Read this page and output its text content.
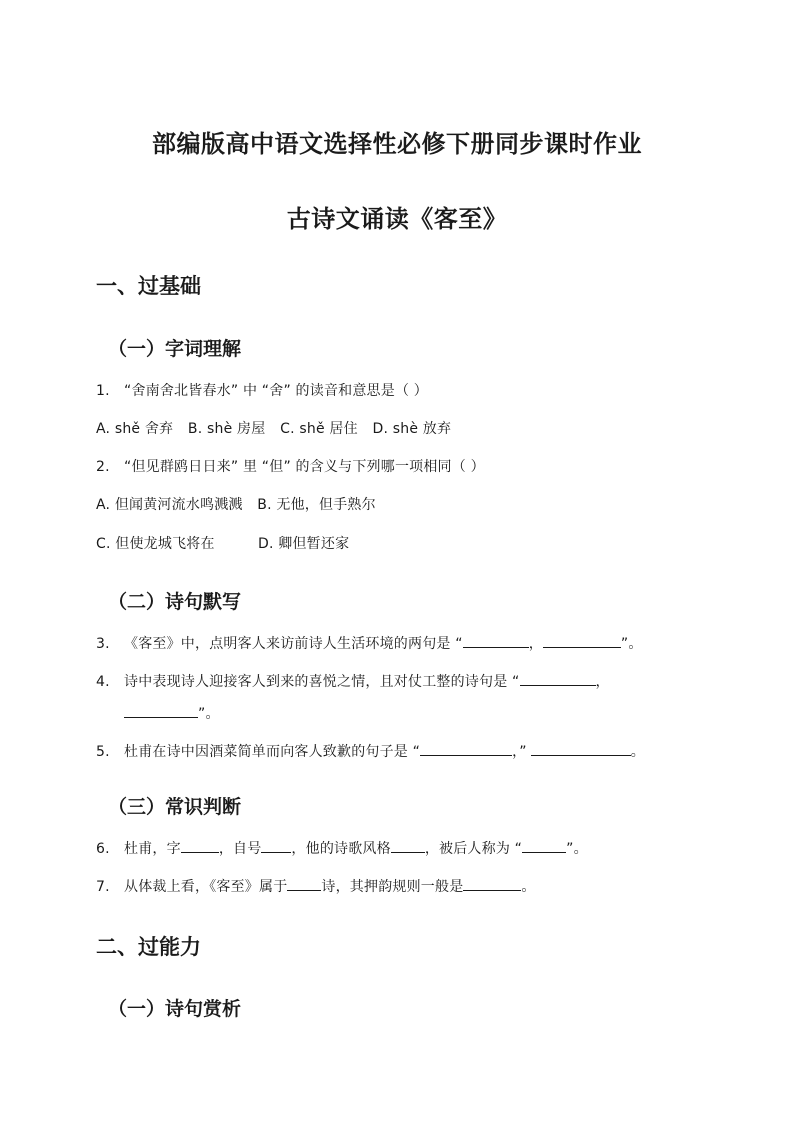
部编版高中语文选择性必修下册同步课时作业
古诗文诵读《客至》
一、过基础
（一）字词理解
1. “舍南舍北皆春水” 中 “舍” 的读音和意思是（ ）
A. shě 舍弃 B. shè 房屋 C. shě 居住 D. shè 放弃
2. “但见群鸥日日来” 里 “但” 的含义与下列哪一项相同（ ）
A. 但闻黄河流水鸣溅溅 B. 无他，但手熟尔
C. 但使龙城飞将在	D. 卿但暂还家
（二）诗句默写
3. 《客至》中，点明客人来访前诗人生活环境的两句是 “	，	”。
4. 诗中表现诗人迎接客人到来的喜悦之情，且对仗工整的诗句是 “	，
”。
5. 杜甫在诗中因酒菜简单而向客人致歉的句子是 “	，”	。
（三）常识判断
6. 杜甫，字	，自号 ，他的诗歌风格 ，被后人称为 “	”。
7. 从体裁上看，《客至》属于 诗，其押韵规则一般是	。
二、过能力
（一）诗句赏析
